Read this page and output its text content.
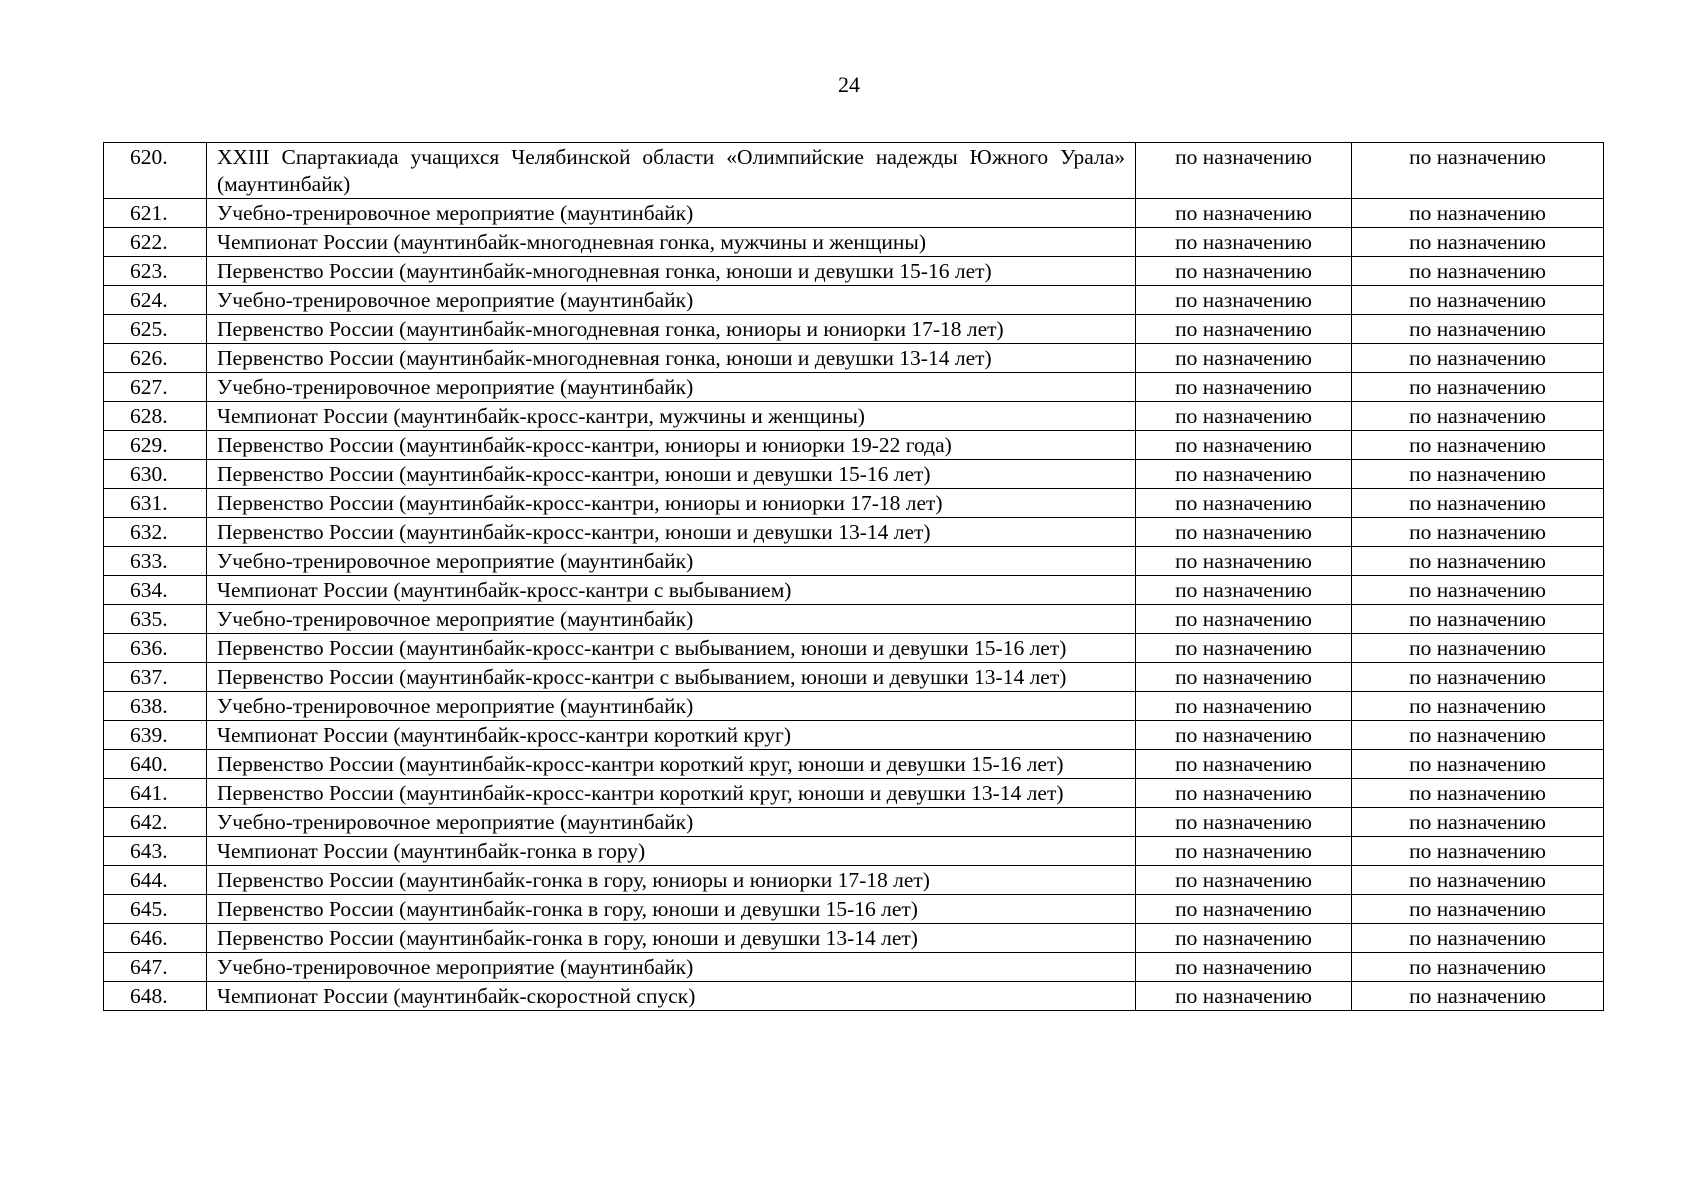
24
620.	XXIII Спартакиада учащихся Челябинской области «Олимпийские надежды Южного Урала» (маунтинбайк)	по назначению	по назначению
621.	Учебно-тренировочное мероприятие (маунтинбайк)	по назначению	по назначению
622.	Чемпионат России (маунтинбайк-многодневная гонка, мужчины и женщины)	по назначению	по назначению
623.	Первенство России (маунтинбайк-многодневная гонка, юноши и девушки 15-16 лет)	по назначению	по назначению
624.	Учебно-тренировочное мероприятие (маунтинбайк)	по назначению	по назначению
625.	Первенство России (маунтинбайк-многодневная гонка, юниоры и юниорки 17-18 лет)	по назначению	по назначению
626.	Первенство России (маунтинбайк-многодневная гонка, юноши и девушки 13-14 лет)	по назначению	по назначению
627.	Учебно-тренировочное мероприятие (маунтинбайк)	по назначению	по назначению
628.	Чемпионат России (маунтинбайк-кросс-кантри, мужчины и женщины)	по назначению	по назначению
629.	Первенство России (маунтинбайк-кросс-кантри, юниоры и юниорки 19-22 года)	по назначению	по назначению
630.	Первенство России (маунтинбайк-кросс-кантри, юноши и девушки 15-16 лет)	по назначению	по назначению
631.	Первенство России (маунтинбайк-кросс-кантри, юниоры и юниорки 17-18 лет)	по назначению	по назначению
632.	Первенство России (маунтинбайк-кросс-кантри, юноши и девушки 13-14 лет)	по назначению	по назначению
633.	Учебно-тренировочное мероприятие (маунтинбайк)	по назначению	по назначению
634.	Чемпионат России (маунтинбайк-кросс-кантри с выбыванием)	по назначению	по назначению
635.	Учебно-тренировочное мероприятие (маунтинбайк)	по назначению	по назначению
636.	Первенство России (маунтинбайк-кросс-кантри с выбыванием, юноши и девушки 15-16 лет)	по назначению	по назначению
637.	Первенство России (маунтинбайк-кросс-кантри с выбыванием, юноши и девушки 13-14 лет)	по назначению	по назначению
638.	Учебно-тренировочное мероприятие (маунтинбайк)	по назначению	по назначению
639.	Чемпионат России (маунтинбайк-кросс-кантри короткий круг)	по назначению	по назначению
640.	Первенство России (маунтинбайк-кросс-кантри короткий круг, юноши и девушки 15-16 лет)	по назначению	по назначению
641.	Первенство России (маунтинбайк-кросс-кантри короткий круг, юноши и девушки 13-14 лет)	по назначению	по назначению
642.	Учебно-тренировочное мероприятие (маунтинбайк)	по назначению	по назначению
643.	Чемпионат России (маунтинбайк-гонка в гору)	по назначению	по назначению
644.	Первенство России (маунтинбайк-гонка в гору, юниоры и юниорки 17-18 лет)	по назначению	по назначению
645.	Первенство России (маунтинбайк-гонка в гору, юноши и девушки 15-16 лет)	по назначению	по назначению
646.	Первенство России (маунтинбайк-гонка в гору, юноши и девушки 13-14 лет)	по назначению	по назначению
647.	Учебно-тренировочное мероприятие (маунтинбайк)	по назначению	по назначению
648.	Чемпионат России (маунтинбайк-скоростной спуск)	по назначению	по назначению
